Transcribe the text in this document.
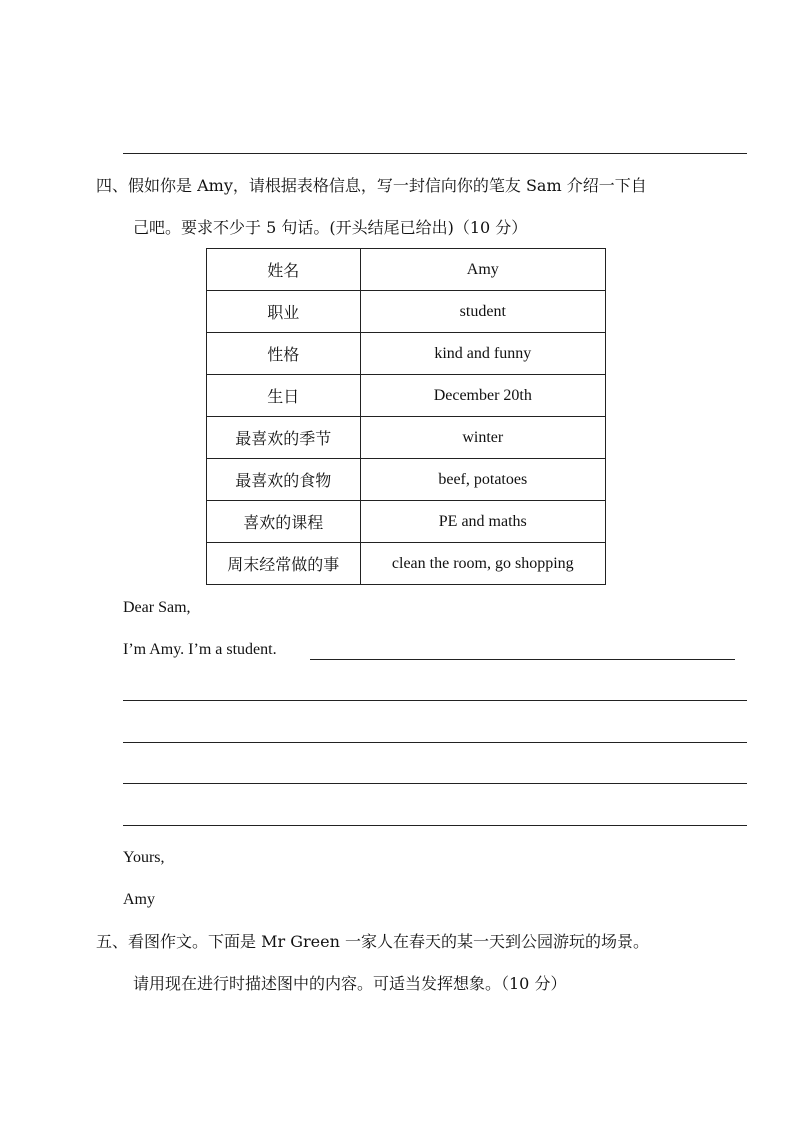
四、假如你是 Amy，请根据表格信息，写一封信向你的笔友 Sam 介绍一下自
己吧。要求不少于 5 句话。(开头结尾已给出)（10 分）
姓名	Amy
职业	student
性格	kind and funny
生日	December 20th
最喜欢的季节	winter
最喜欢的食物	beef, potatoes
喜欢的课程	PE and maths
周末经常做的事	clean the room, go shopping
Dear Sam,
I’m Amy. I’m a student.
Yours,
Amy
五、看图作文。下面是 Mr Green 一家人在春天的某一天到公园游玩的场景。
请用现在进行时描述图中的内容。可适当发挥想象。（10 分）
